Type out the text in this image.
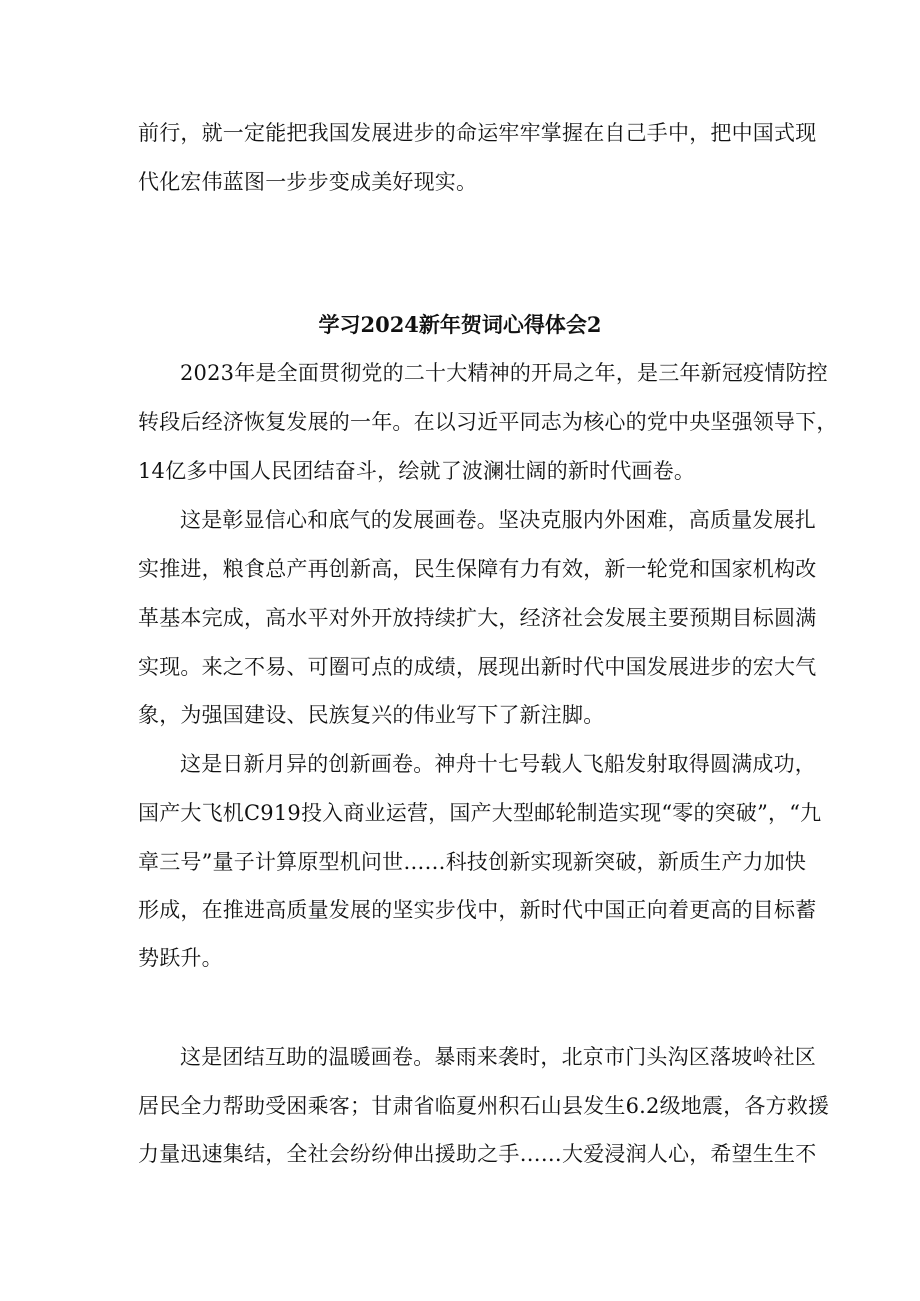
前行，就一定能把我国发展进步的命运牢牢掌握在自己手中，把中国式现
代化宏伟蓝图一步步变成美好现实。
学习2024新年贺词心得体会2
2023年是全面贯彻党的二十大精神的开局之年，是三年新冠疫情防控
转段后经济恢复发展的一年。在以习近平同志为核心的党中央坚强领导下，
14亿多中国人民团结奋斗，绘就了波澜壮阔的新时代画卷。
这是彰显信心和底气的发展画卷。坚决克服内外困难，高质量发展扎
实推进，粮食总产再创新高，民生保障有力有效，新一轮党和国家机构改
革基本完成，高水平对外开放持续扩大，经济社会发展主要预期目标圆满
实现。来之不易、可圈可点的成绩，展现出新时代中国发展进步的宏大气
象，为强国建设、民族复兴的伟业写下了新注脚。
这是日新月异的创新画卷。神舟十七号载人飞船发射取得圆满成功，
国产大飞机C919投入商业运营，国产大型邮轮制造实现“零的突破”，“九
章三号”量子计算原型机问世……科技创新实现新突破，新质生产力加快
形成，在推进高质量发展的坚实步伐中，新时代中国正向着更高的目标蓄
势跃升。
这是团结互助的温暖画卷。暴雨来袭时，北京市门头沟区落坡岭社区
居民全力帮助受困乘客；甘肃省临夏州积石山县发生6.2级地震，各方救援
力量迅速集结，全社会纷纷伸出援助之手……大爱浸润人心，希望生生不
